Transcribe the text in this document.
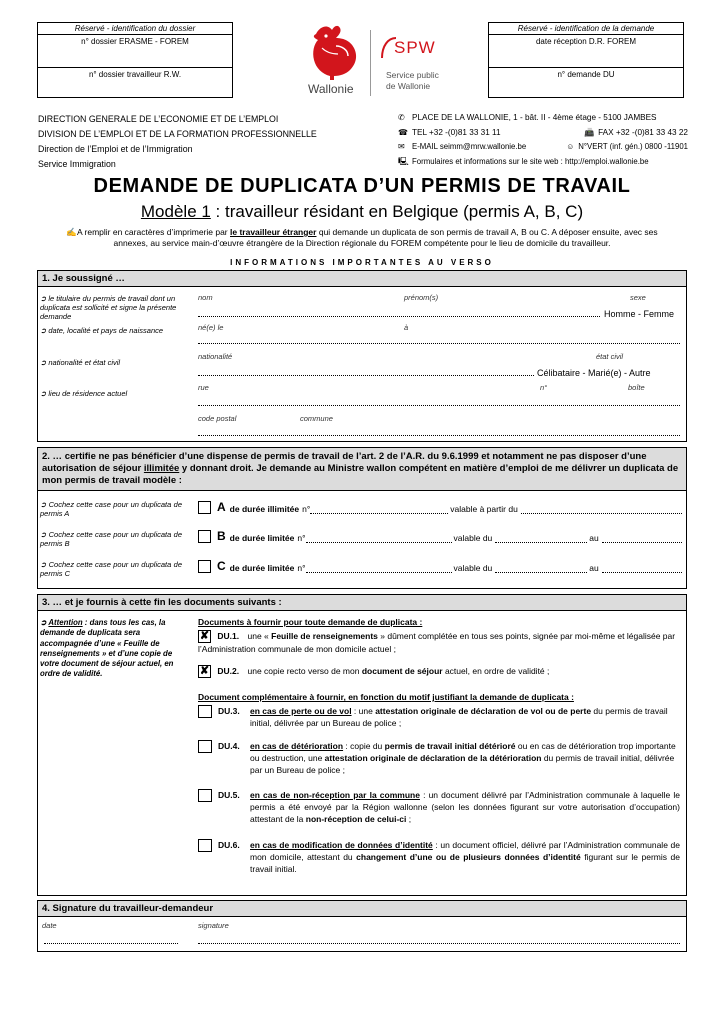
Réservé - identification du dossier
n° dossier ERASME - FOREM
n° dossier travailleur R.W.
Réservé - identification de la demande
date réception D.R. FOREM
n° demande DU
Wallonie
SPW
Service public
de Wallonie
DIRECTION GENERALE DE L’ECONOMIE ET DE L’EMPLOI
DIVISION DE L’EMPLOI ET DE LA FORMATION PROFESSIONNELLE
Direction de l’Emploi et de l’Immigration
Service Immigration
✆ PLACE DE LA WALLONIE, 1 - bât. II - 4ème étage - 5100 JAMBES
☎ TEL +32 -(0)81 33 31 11	📠 FAX +32 -(0)81 33 43 22
✉ E-MAIL seimm@mrw.wallonie.be	☺ N°VERT (inf. gén.) 0800 -11901
🖳 Formulaires et informations sur le site web : http://emploi.wallonie.be
DEMANDE DE DUPLICATA D’UN PERMIS DE TRAVAIL
Modèle 1 : travailleur résidant en Belgique (permis A, B, C)
✍A remplir en caractères d’imprimerie par le travailleur étranger qui demande un duplicata de son permis de travail A, B ou C. A déposer ensuite, avec ses annexes, au service main-d’œuvre étrangère de la Direction régionale du FOREM compétente pour le lieu de domicile du travailleur.
INFORMATIONS IMPORTANTES AU VERSO
1. Je soussigné …
➲ le titulaire du permis de travail dont un duplicata est sollicité et signe la présente demande
➲ date, localité et pays de naissance
➲ nationalité et état civil
➲ lieu de résidence actuel
nom	prénom(s)	sexe
Homme - Femme
né(e) le	à
nationalité	état civil
Célibataire - Marié(e) - Autre
rue	n°	boîte
code postal	commune
2. … certifie ne pas bénéficier d’une dispense de permis de travail de l’art. 2 de l’A.R. du 9.6.1999 et notamment ne pas disposer d’une autorisation de séjour illimitée y donnant droit. Je demande au Ministre wallon compétent en matière d’emploi de me délivrer un duplicata de mon permis de travail modèle :
➲ Cochez cette case pour un duplicata de permis A
➲ Cochez cette case pour un duplicata de permis B
➲ Cochez cette case pour un duplicata de permis C
A de durée illimitée n°	valable à partir du
B de durée limitée n°	valable du	au
C de durée limitée n°	valable du	au
3. … et je fournis à cette fin les documents suivants :
➲ Attention : dans tous les cas, la demande de duplicata sera accompagnée d’une « Feuille de renseignements » et d’une copie de votre document de séjour actuel, en ordre de validité.
Documents à fournir pour toute demande de duplicata :
✘ DU.1. une « Feuille de renseignements » dûment complétée en tous ses points, signée par moi-même et légalisée par l’Administration communale de mon domicile actuel ;
✘ DU.2. une copie recto verso de mon document de séjour actuel, en ordre de validité ;
Document complémentaire à fournir, en fonction du motif justifiant la demande de duplicata :
DU.3.	en cas de perte ou de vol : une attestation originale de déclaration de vol ou de perte du permis de travail initial, délivrée par un Bureau de police ;
DU.4.	en cas de détérioration : copie du permis de travail initial détérioré ou en cas de détérioration trop importante ou destruction, une attestation originale de déclaration de la détérioration du permis de travail initial, délivrée par un Bureau de police ;
DU.5.	en cas de non-réception par la commune : un document délivré par l’Administration communale à laquelle le permis a été envoyé par la Région wallonne (selon les données figurant sur votre autorisation d’occupation) attestant de la non-réception de celui-ci ;
DU.6.	en cas de modification de données d’identité : un document officiel, délivré par l’Administration communale de mon domicile, attestant du changement d’une ou de plusieurs données d’identité figurant sur le permis de travail initial.
4. Signature du travailleur-demandeur
date	signature
